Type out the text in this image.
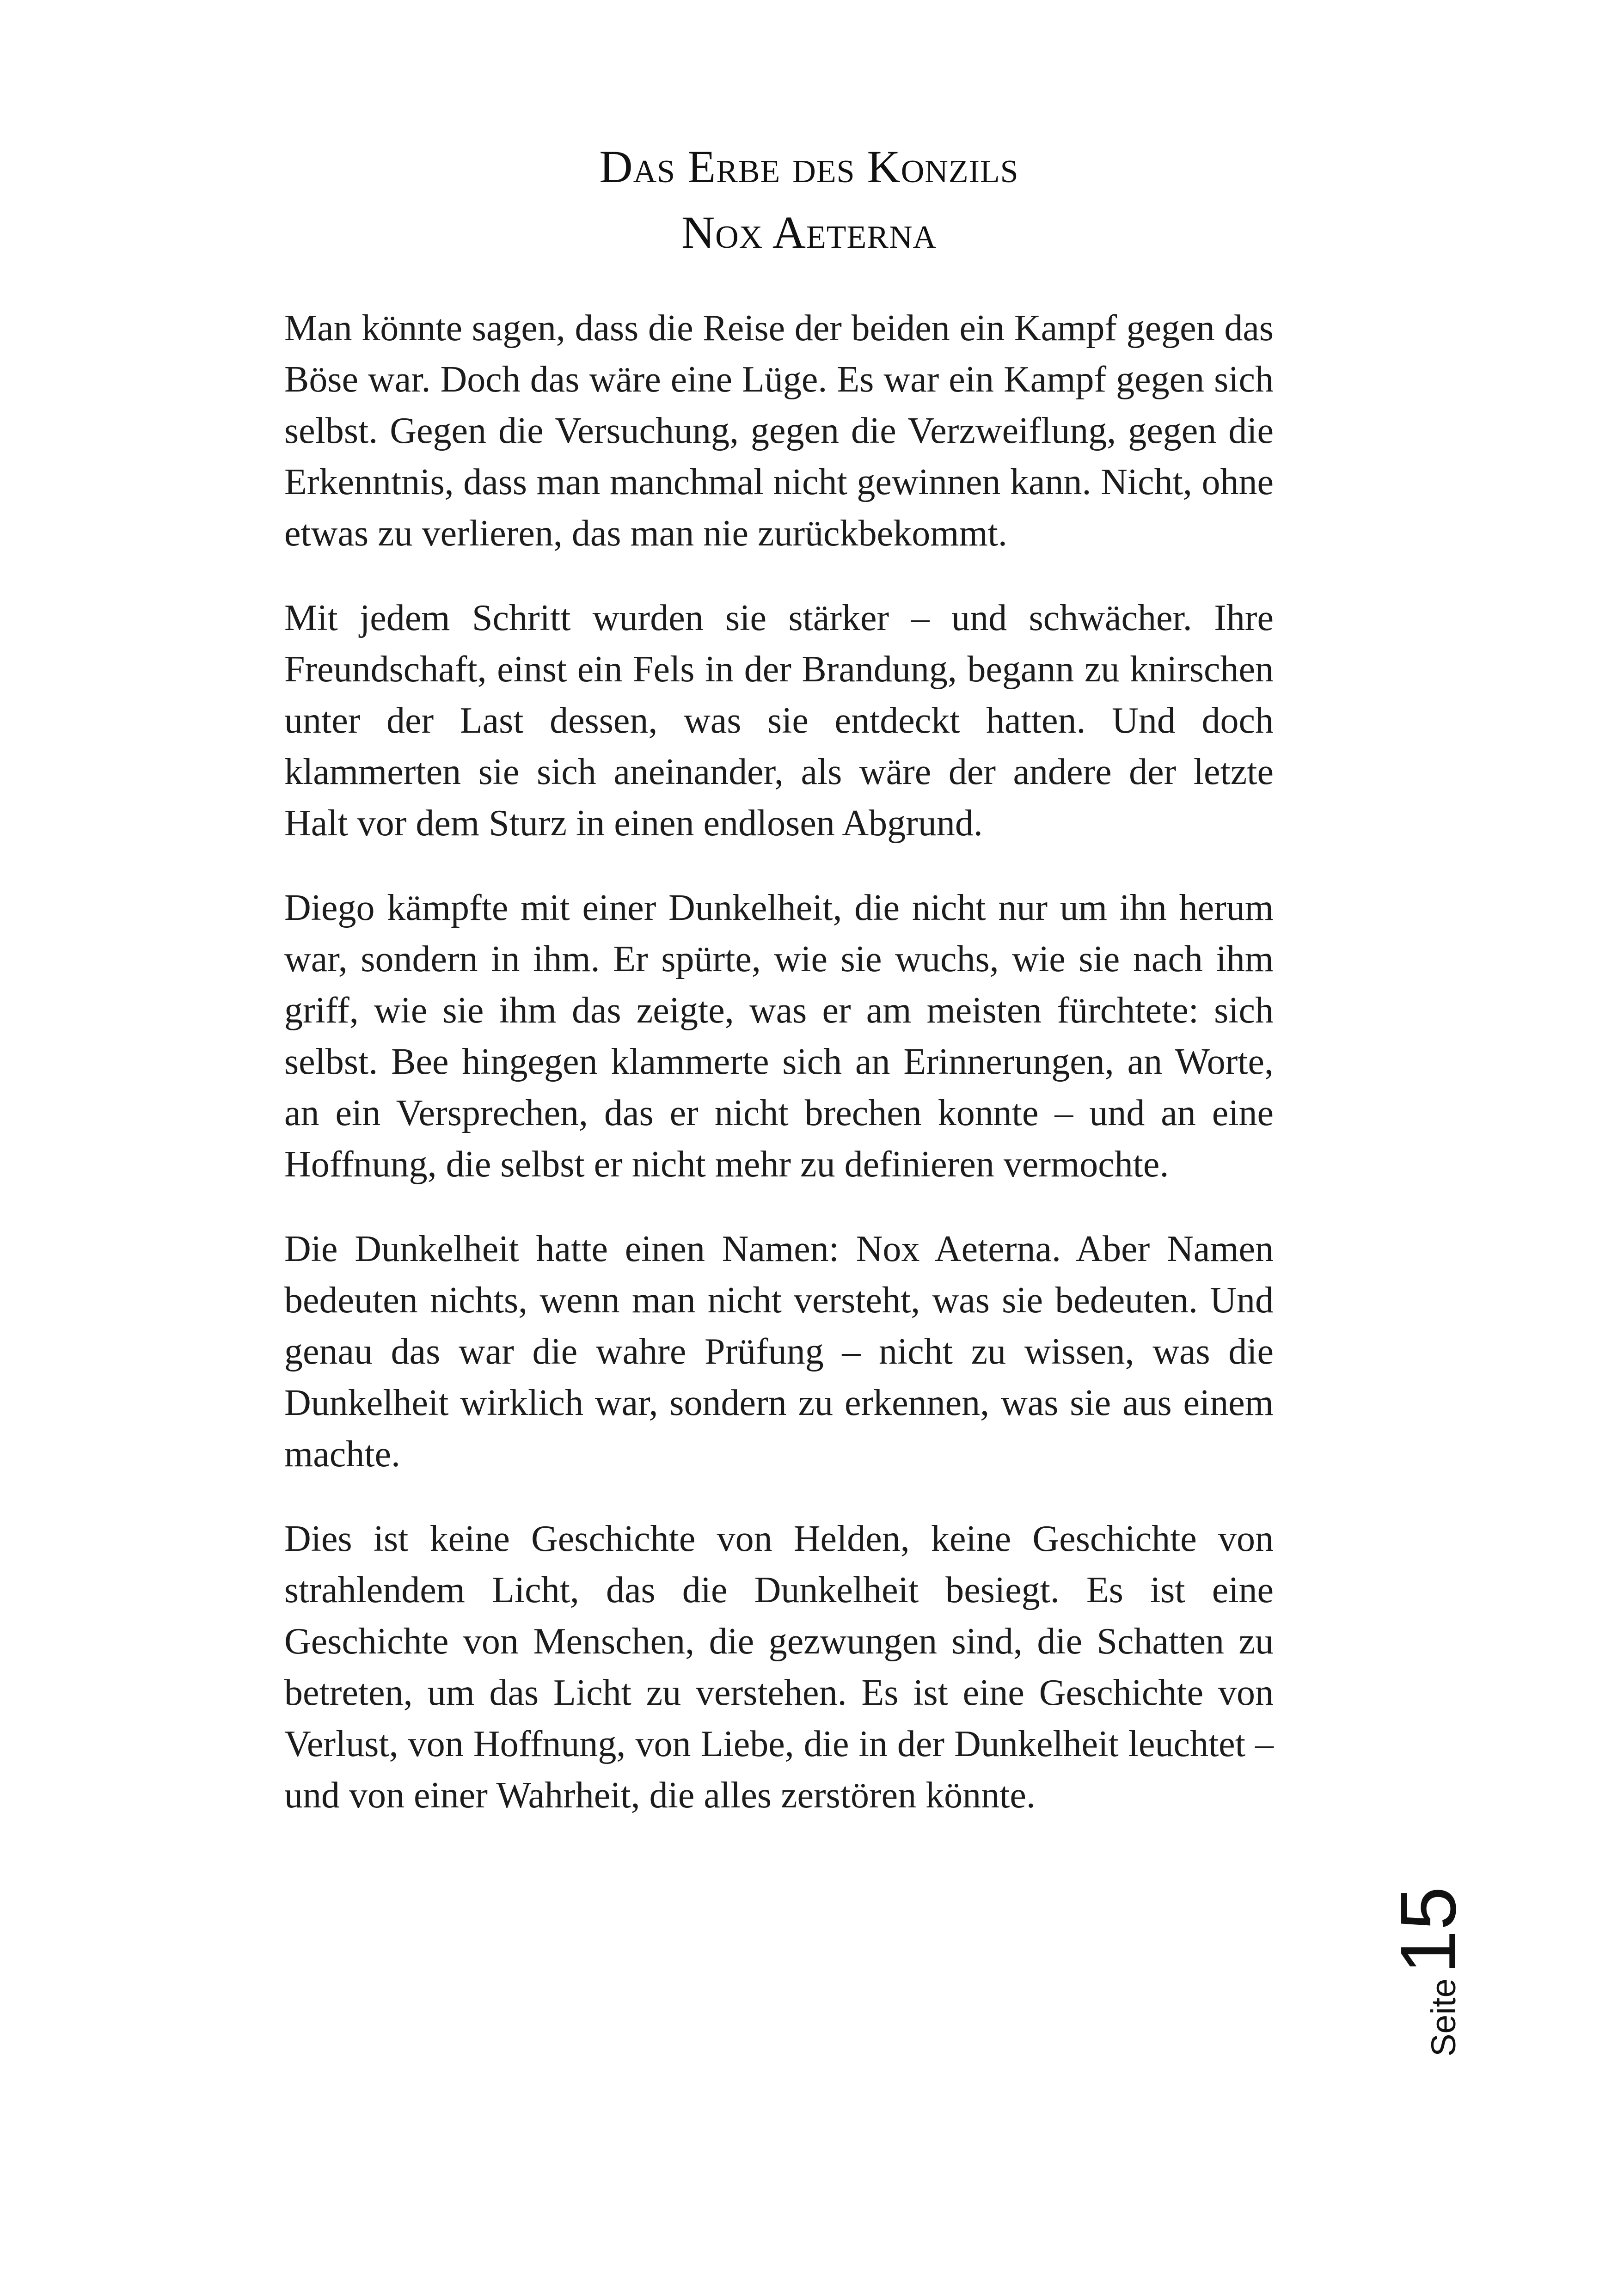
Das Erbe des Konzils
Nox Aeterna

Man könnte sagen, dass die Reise der beiden ein Kampf gegen das Böse war. Doch das wäre eine Lüge. Es war ein Kampf gegen sich selbst. Gegen die Versuchung, gegen die Verzweiflung, gegen die Erkenntnis, dass man manchmal nicht gewinnen kann. Nicht, ohne etwas zu verlieren, das man nie zurückbekommt.

Mit jedem Schritt wurden sie stärker – und schwächer. Ihre Freundschaft, einst ein Fels in der Brandung, begann zu knirschen unter der Last dessen, was sie entdeckt hatten. Und doch klammerten sie sich aneinander, als wäre der andere der letzte Halt vor dem Sturz in einen endlosen Abgrund.

Diego kämpfte mit einer Dunkelheit, die nicht nur um ihn herum war, sondern in ihm. Er spürte, wie sie wuchs, wie sie nach ihm griff, wie sie ihm das zeigte, was er am meisten fürchtete: sich selbst. Bee hingegen klammerte sich an Erinnerungen, an Worte, an ein Versprechen, das er nicht brechen konnte – und an eine Hoffnung, die selbst er nicht mehr zu definieren vermochte.

Die Dunkelheit hatte einen Namen: Nox Aeterna. Aber Namen bedeuten nichts, wenn man nicht versteht, was sie bedeuten. Und genau das war die wahre Prüfung – nicht zu wissen, was die Dunkelheit wirklich war, sondern zu erkennen, was sie aus einem machte.

Dies ist keine Geschichte von Helden, keine Geschichte von strahlendem Licht, das die Dunkelheit besiegt. Es ist eine Geschichte von Menschen, die gezwungen sind, die Schatten zu betreten, um das Licht zu verstehen. Es ist eine Geschichte von Verlust, von Hoffnung, von Liebe, die in der Dunkelheit leuchtet – und von einer Wahrheit, die alles zerstören könnte.

Seite15
